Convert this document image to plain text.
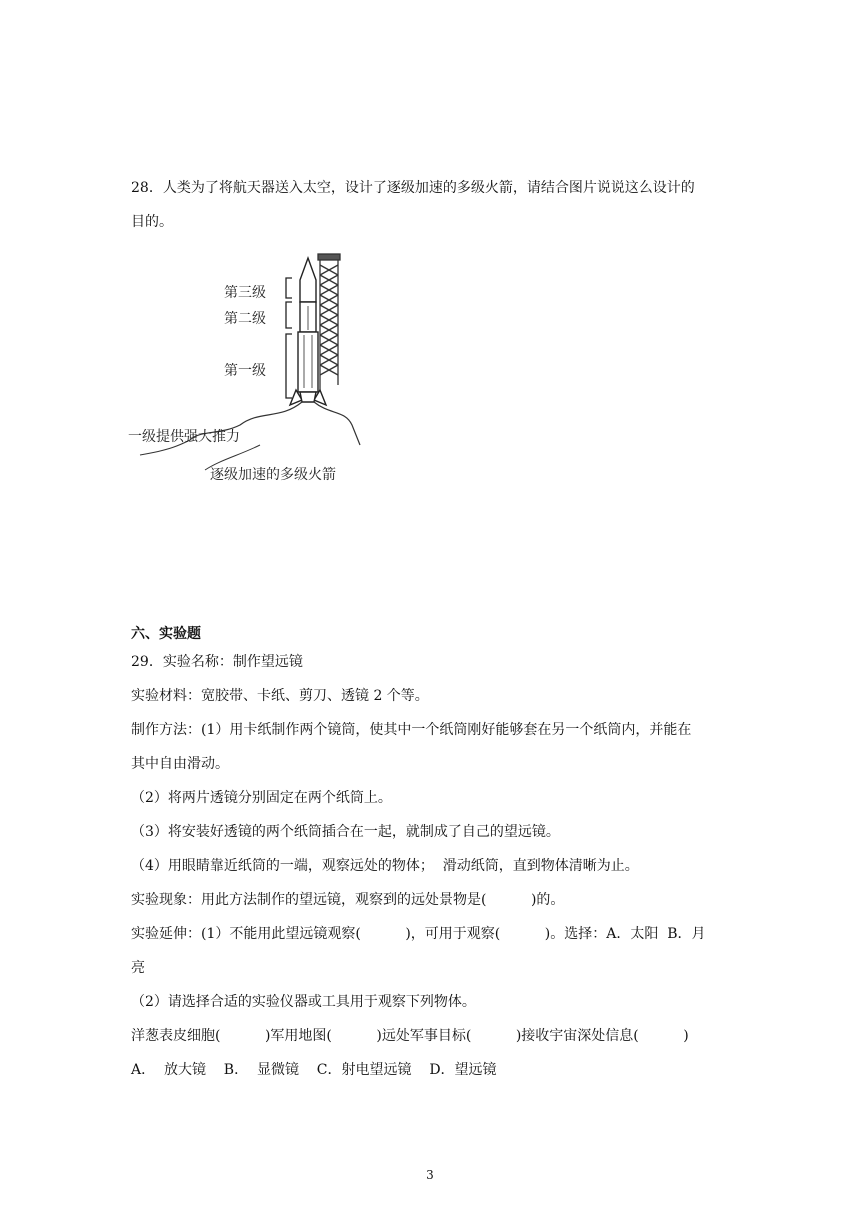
28．人类为了将航天器送入太空，设计了逐级加速的多级火箭，请结合图片说说这么设计的
目的。
第三级
第二级
第一级
一级提供强大推力
逐级加速的多级火箭
六、实验题
29．实验名称：制作望远镜
实验材料：宽胶带、卡纸、剪刀、透镜 2 个等。
制作方法：(1）用卡纸制作两个镜筒，使其中一个纸筒刚好能够套在另一个纸筒内，并能在
其中自由滑动。
（2）将两片透镜分别固定在两个纸筒上。
（3）将安装好透镜的两个纸筒插合在一起，就制成了自己的望远镜。
（4）用眼睛靠近纸筒的一端，观察远处的物体；  滑动纸筒，直到物体清晰为止。
实验现象：用此方法制作的望远镜，观察到的远处景物是(          )的。
实验延伸：(1）不能用此望远镜观察(          )，可用于观察(          )。选择：A．太阳  B．月
亮
（2）请选择合适的实验仪器或工具用于观察下列物体。
洋葱表皮细胞(          )军用地图(          )远处军事目标(          )接收宇宙深处信息(          )
A．  放大镜    B．  显微镜    C．射电望远镜    D．望远镜
3
